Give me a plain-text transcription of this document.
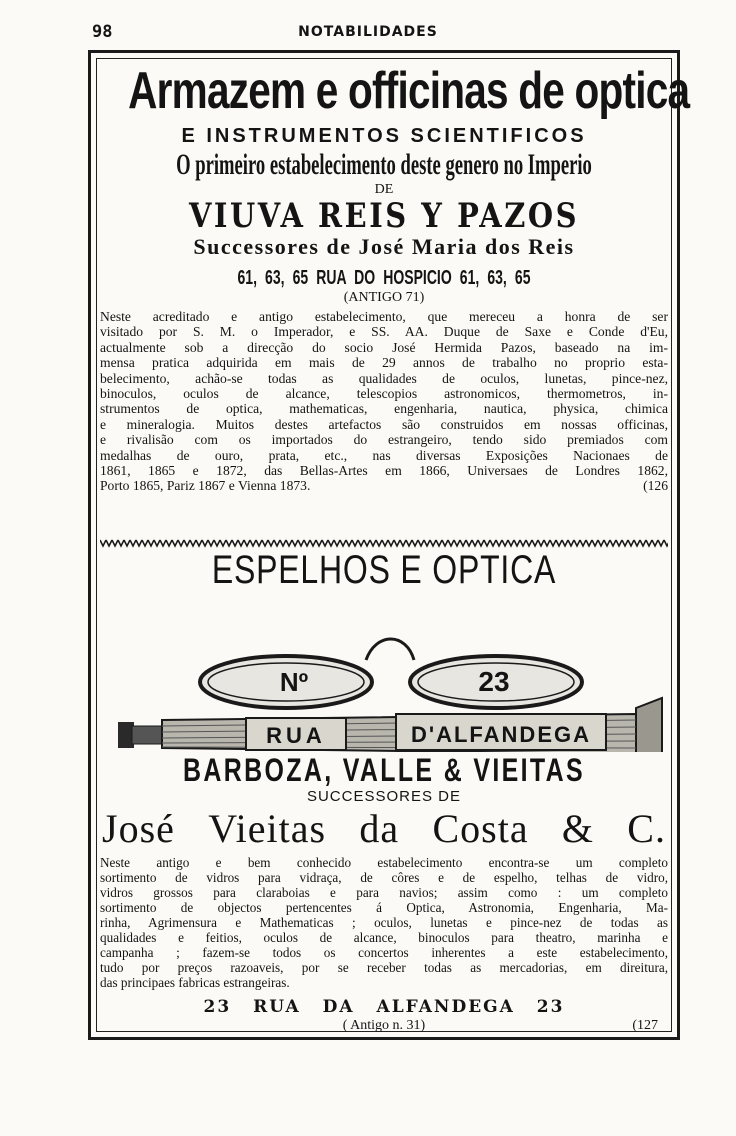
98	NOTABILIDADES
Armazem e officinas de optica
E INSTRUMENTOS SCIENTIFICOS
O primeiro estabelecimento deste genero no Imperio
DE
VIUVA REIS Y PAZOS
Successores de José Maria dos Reis
61, 63, 65 RUA DO HOSPICIO 61, 63, 65
(ANTIGO 71)
Neste acreditado e antigo estabelecimento, que mereceu a honra de ser
visitado por S. M. o Imperador, e SS. AA. Duque de Saxe e Conde d'Eu,
actualmente sob a direcção do socio José Hermida Pazos, baseado na im-
mensa pratica adquirida em mais de 29 annos de trabalho no proprio esta-
belecimento, achão-se todas as qualidades de oculos, lunetas, pince-nez,
binoculos, oculos de alcance, telescopios astronomicos, thermometros, in-
strumentos de optica, mathematicas, engenharia, nautica, physica, chimica
e mineralogia. Muitos destes artefactos são construidos em nossas officinas,
e rivalisão com os importados do estrangeiro, tendo sido premiados com
medalhas de ouro, prata, etc., nas diversas Exposições Nacionaes de
1861, 1865 e 1872, das Bellas-Artes em 1866, Universaes de Londres 1862,
Porto 1865, Pariz 1867 e Vienna 1873.	(126
ESPELHOS E OPTICA
Nº	23
RUA	D'ALFANDEGA
BARBOZA, VALLE & VIEITAS
SUCCESSORES DE
José Vieitas da Costa & C.
Neste antigo e bem conhecido estabelecimento encontra-se um completo
sortimento de vidros para vidraça, de côres e de espelho, telhas de vidro,
vidros grossos para claraboias e para navios; assim como : um completo
sortimento de objectos pertencentes á Optica, Astronomia, Engenharia, Ma-
rinha, Agrimensura e Mathematicas ; oculos, lunetas e pince-nez de todas as
qualidades e feitios, oculos de alcance, binoculos para theatro, marinha e
campanha ; fazem-se todos os concertos inherentes a este estabelecimento,
tudo por preços razoaveis, por se receber todas as mercadorias, em direitura,
das principaes fabricas estrangeiras.
23 RUA DA ALFANDEGA 23
( Antigo n. 31)	(127
